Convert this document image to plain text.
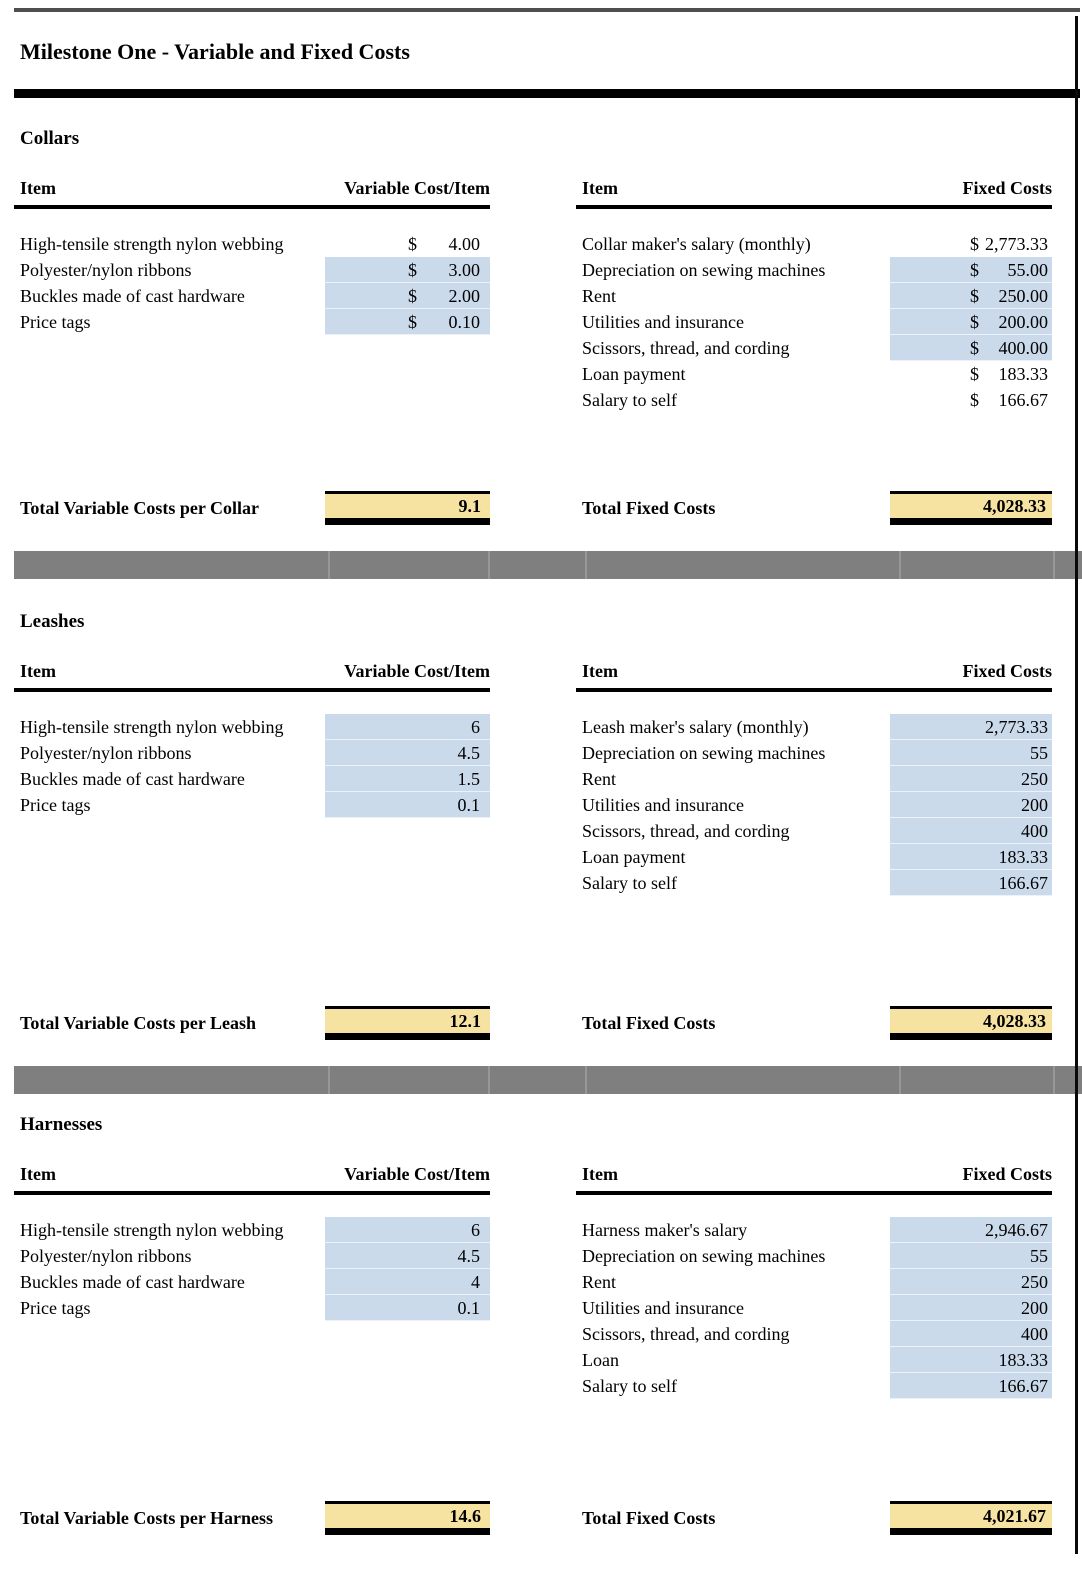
Milestone One - Variable and Fixed Costs
Collars
Item	Variable Cost/Item
High-tensile strength nylon webbing	$	4.00
Polyester/nylon ribbons	$	3.00
Buckles made of cast hardware	$	2.00
Price tags	$	0.10
Total Variable Costs per Collar	9.1
Item	Fixed Costs
Collar maker's salary (monthly)	$ 2,773.33
Depreciation on sewing machines	$	55.00
Rent	$	250.00
Utilities and insurance	$	200.00
Scissors, thread, and cording	$	400.00
Loan payment	$	183.33
Salary to self	$	166.67
Total Fixed Costs	4,028.33
Leashes
Item	Variable Cost/Item
High-tensile strength nylon webbing	6
Polyester/nylon ribbons	4.5
Buckles made of cast hardware	1.5
Price tags	0.1
Total Variable Costs per Leash	12.1
Item	Fixed Costs
Leash maker's salary (monthly)	2,773.33
Depreciation on sewing machines	55
Rent	250
Utilities and insurance	200
Scissors, thread, and cording	400
Loan payment	183.33
Salary to self	166.67
Total Fixed Costs	4,028.33
Harnesses
Item	Variable Cost/Item
High-tensile strength nylon webbing	6
Polyester/nylon ribbons	4.5
Buckles made of cast hardware	4
Price tags	0.1
Total Variable Costs per Harness	14.6
Item	Fixed Costs
Harness maker's salary	2,946.67
Depreciation on sewing machines	55
Rent	250
Utilities and insurance	200
Scissors, thread, and cording	400
Loan	183.33
Salary to self	166.67
Total Fixed Costs	4,021.67
